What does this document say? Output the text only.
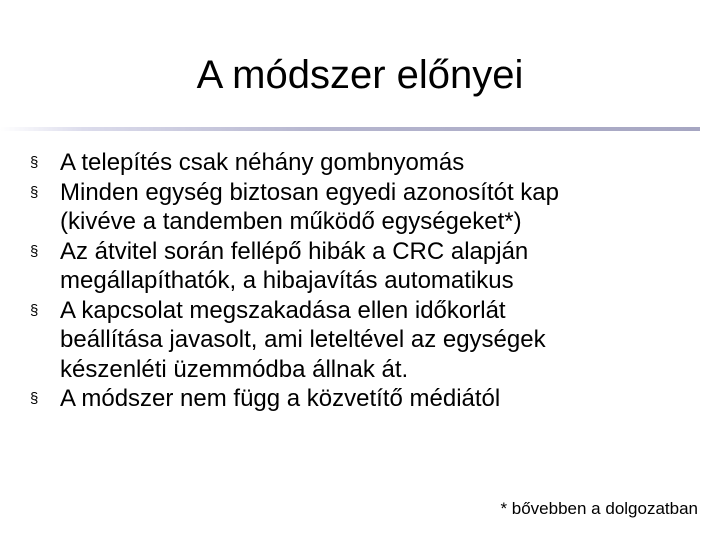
A módszer előnyei
§ A telepítés csak néhány gombnyomás
§ Minden egység biztosan egyedi azonosítót kap
(kivéve a tandemben működő egységeket*)
§ Az átvitel során fellépő hibák a CRC alapján
megállapíthatók, a hibajavítás automatikus
§ A kapcsolat megszakadása ellen időkorlát
beállítása javasolt, ami leteltével az egységek
készenléti üzemmódba állnak át.
§ A módszer nem függ a közvetítő médiától
* bővebben a dolgozatban
